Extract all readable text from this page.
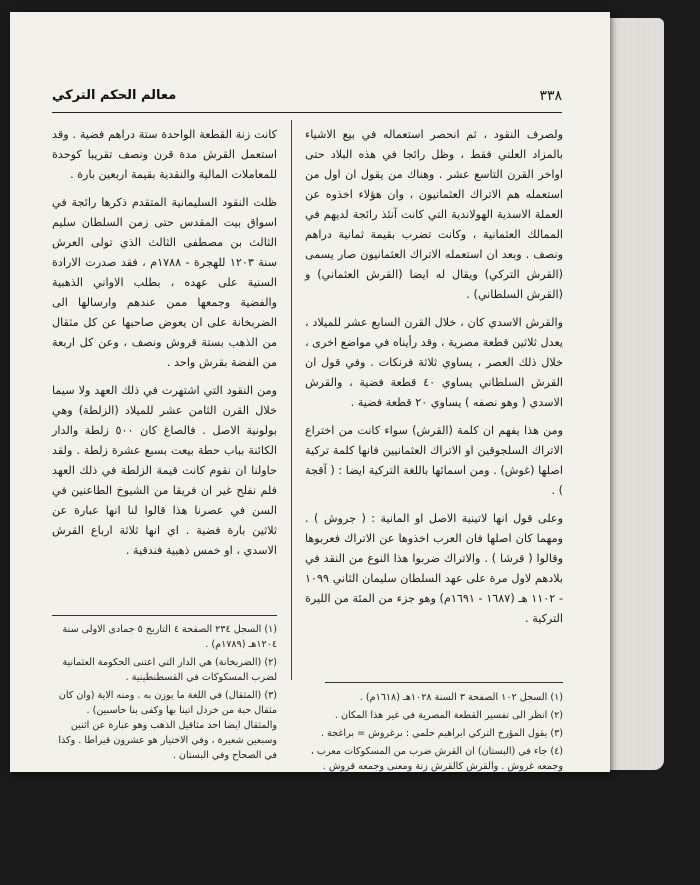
٣٣٨
معالم الحكم التركي

ولصرف النقود ، ثم انحصر استعماله في بيع الاشياء بالمزاد العلني فقط ، وظل رائجا في هذه البلاد حتى اواخر القرن التاسع عشر . وهناك من يقول ان اول من استعمله هم الاتراك العثمانيون ، وان هؤلاء اخذوه عن العملة الاسدية الهولاندية التي كانت آنئذ رائجة لديهم في الممالك العثمانية ، وكانت تضرب بقيمة ثمانية دراهم ونصف . وبعد ان استعمله الاتراك العثمانيون صار يسمى (القرش التركي) ويقال له ايضا (القرش العثماني) و (القرش السلطاني) .

والقرش الاسدي كان ، خلال القرن السابع عشر للميلاد ، يعدل ثلاثين قطعة مصرية ، وقد رأيناه في مواضع اخرى ، خلال ذلك العصر ، يساوي ثلاثة فرنكات . وفي قول ان القرش السلطاني يساوي ٤٠ قطعة فضية ، والقرش الاسدي ( وهو نصفه ) يساوي ٢٠ قطعة فضية .

ومن هذا يفهم ان كلمة (القرش) سواء كانت من اختراع الاتراك السلجوقين او الاتراك العثمانيين فانها كلمة تركية اصلها (غوش) . ومن اسمائها باللغة التركية ايضا : ( آقجة ) .

وعلى قول انها لاتينية الاصل او المانية : ( جروش ) . ومهما كان اصلها فان العرب اخذوها عن الاتراك فعربوها وقالوا ( قرشا ) . والاتراك ضربوا هذا النوع من النقد في بلادهم لاول مرة على عهد السلطان سليمان الثاني ١٠٩٩ - ١١٠٢ هـ (١٦٨٧ - ١٦٩١م) وهو جزء من المئة من الليرة التركية .

كانت زنة القطعة الواحدة ستة دراهم فضية . وقد استعمل القرش مدة قرن ونصف تقريبا كوحدة للمعاملات المالية والنقدية بقيمة اربعين بارة .

ظلت النقود السليمانية المتقدم ذكرها رائجة في اسواق بيت المقدس حتى زمن السلطان سليم الثالث بن مصطفى الثالث الذي تولى العرش سنة ١٢٠٣ للهجرة - ١٧٨٨م ، فقد صدرت الارادة السنية على عهده ، بطلب الاواني الذهبية والفضية وجمعها ممن عندهم وارسالها الى الضربخانة على ان يعوض صاحبها عن كل مثقال من الذهب بستة قروش ونصف ، وعن كل اربعة من الفضة بقرش واحد .

ومن النقود التي اشتهرت في ذلك العهد ولا سيما خلال القرن الثامن عشر للميلاد (الزلطة) وهي بولونية الاصل . فالصاغ كان ٥٠٠ زلطة والدار الكائنة بباب حطة بيعت بسبع عشرة زلطة . ولقد حاولنا ان نقوم كانت قيمة الزلطة في ذلك العهد فلم نفلح غير ان فريقا من الشيوخ الطاعنين في السن في عصرنا هذا قالوا لنا انها عبارة عن ثلاثين بارة فضية . اي انها ثلاثة ارباع القرش الاسدي ، او خمس ذهبية فندقية .

(١) السجل ١٠٢ الصفحة ٣ السنة ١٠٢٨هـ (١٦١٨م) .

(٢) انظر الى تفسير القطعة المصرية في غير هذا المكان .

(٣) يقول المؤرخ التركي ابراهيم حلمي : برغروش = براغجة .

(٤) جاء في (البستان) ان القرش ضرب من المسكوكات معرب ، وجمعه غروش . والقرش كالقرش زنة ومعنى وجمعه قروش .

(١) السجل ٢٣٤ الصفحة ٤ التاريخ ٥ جمادى الاولى سنة ١٢٠٤هـ (١٧٨٩م) .

(٢) (الضربخانة) هي الدار التي اعتنى الحكومة العثمانية لضرب المسكوكات في القسطنطينية .

(٣) (المثقال) في اللغة ما يوزن به . ومنه الاية (وان كان مثقال حبة من خردل اتينا بها وكفى بنا حاسبين) . والمثقال ايضا احد مثاقيل الذهب وهو عبارة عن اثنين وسبعين شعيرة ، وفي الاختيار هو عشرون قيراطا . وكذا في الصحاح وفي البستان .
